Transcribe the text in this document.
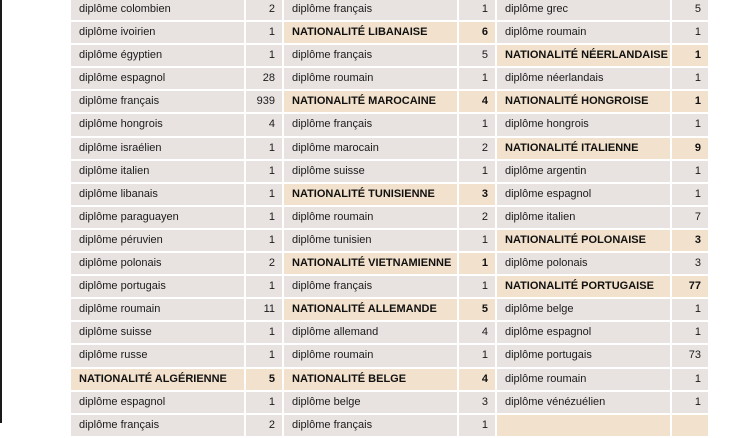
diplôme colombien	2
diplôme ivoirien	1
diplôme égyptien	1
diplôme espagnol	28
diplôme français	939
diplôme hongrois	4
diplôme israélien	1
diplôme italien	1
diplôme libanais	1
diplôme paraguayen	1
diplôme péruvien	1
diplôme polonais	2
diplôme portugais	1
diplôme roumain	11
diplôme suisse	1
diplôme russe	1
NATIONALITÉ ALGÉRIENNE	5
diplôme espagnol	1
diplôme français	2
diplôme français	1
NATIONALITÉ LIBANAISE	6
diplôme français	5
diplôme roumain	1
NATIONALITÉ MAROCAINE	4
diplôme français	1
diplôme marocain	2
diplôme suisse	1
NATIONALITÉ TUNISIENNE	3
diplôme roumain	2
diplôme tunisien	1
NATIONALITÉ VIETNAMIENNE	1
diplôme français	1
NATIONALITÉ ALLEMANDE	5
diplôme allemand	4
diplôme roumain	1
NATIONALITÉ BELGE	4
diplôme belge	3
diplôme français	1
diplôme grec	5
diplôme roumain	1
NATIONALITÉ NÉERLANDAISE	1
diplôme néerlandais	1
NATIONALITÉ HONGROISE	1
diplôme hongrois	1
NATIONALITÉ ITALIENNE	9
diplôme argentin	1
diplôme espagnol	1
diplôme italien	7
NATIONALITÉ POLONAISE	3
diplôme polonais	3
NATIONALITÉ PORTUGAISE	77
diplôme belge	1
diplôme espagnol	1
diplôme portugais	73
diplôme roumain	1
diplôme vénézuélien	1
